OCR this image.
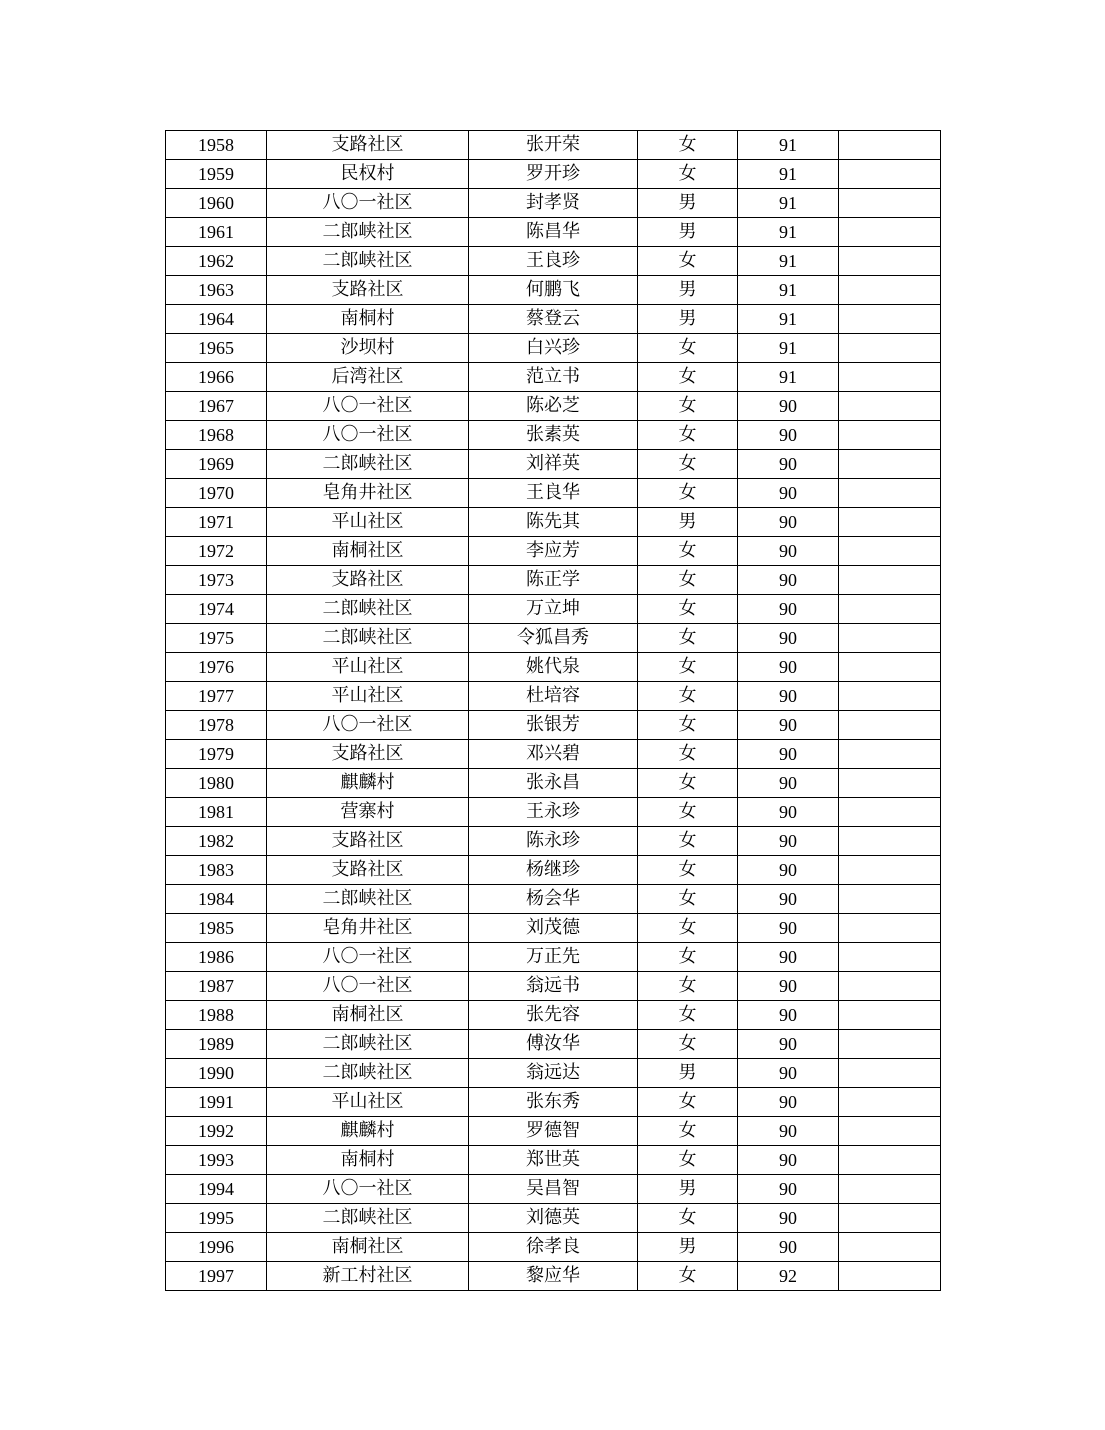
1958	支路社区	张开荣	女	91	
1959	民权村	罗开珍	女	91	
1960	八〇一社区	封孝贤	男	91	
1961	二郎峡社区	陈昌华	男	91	
1962	二郎峡社区	王良珍	女	91	
1963	支路社区	何鹏飞	男	91	
1964	南桐村	蔡登云	男	91	
1965	沙坝村	白兴珍	女	91	
1966	后湾社区	范立书	女	91	
1967	八〇一社区	陈必芝	女	90	
1968	八〇一社区	张素英	女	90	
1969	二郎峡社区	刘祥英	女	90	
1970	皂角井社区	王良华	女	90	
1971	平山社区	陈先其	男	90	
1972	南桐社区	李应芳	女	90	
1973	支路社区	陈正学	女	90	
1974	二郎峡社区	万立坤	女	90	
1975	二郎峡社区	令狐昌秀	女	90	
1976	平山社区	姚代泉	女	90	
1977	平山社区	杜培容	女	90	
1978	八〇一社区	张银芳	女	90	
1979	支路社区	邓兴碧	女	90	
1980	麒麟村	张永昌	女	90	
1981	营寨村	王永珍	女	90	
1982	支路社区	陈永珍	女	90	
1983	支路社区	杨继珍	女	90	
1984	二郎峡社区	杨会华	女	90	
1985	皂角井社区	刘茂德	女	90	
1986	八〇一社区	万正先	女	90	
1987	八〇一社区	翁远书	女	90	
1988	南桐社区	张先容	女	90	
1989	二郎峡社区	傅汝华	女	90	
1990	二郎峡社区	翁远达	男	90	
1991	平山社区	张东秀	女	90	
1992	麒麟村	罗德智	女	90	
1993	南桐村	郑世英	女	90	
1994	八〇一社区	吴昌智	男	90	
1995	二郎峡社区	刘德英	女	90	
1996	南桐社区	徐孝良	男	90	
1997	新工村社区	黎应华	女	92	
